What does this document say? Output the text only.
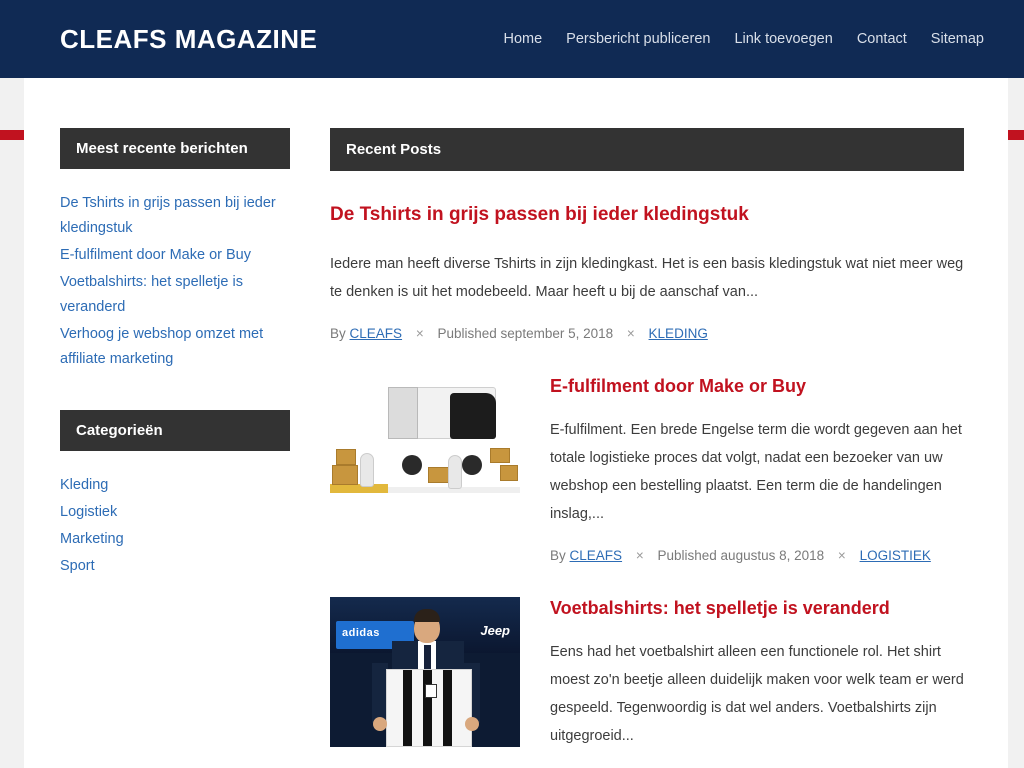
CLEAFS MAGAZINE	Home Persbericht publiceren Link toevoegen Contact Sitemap
Meest recente berichten
De Tshirts in grijs passen bij ieder kledingstuk
E-fulfilment door Make or Buy
Voetbalshirts: het spelletje is veranderd
Verhoog je webshop omzet met affiliate marketing
Categorieën
Kleding
Logistiek
Marketing
Sport
Recent Posts
De Tshirts in grijs passen bij ieder kledingstuk

Iedere man heeft diverse Tshirts in zijn kledingkast. Het is een basis kledingstuk wat niet meer weg te denken is uit het modebeeld. Maar heeft u bij de aanschaf van...

By CLEAFS × Published september 5, 2018 × KLEDING
E-fulfilment door Make or Buy

E-fulfilment. Een brede Engelse term die wordt gegeven aan het totale logistieke proces dat volgt, nadat een bezoeker van uw webshop een bestelling plaatst. Een term die de handelingen inslag,...

By CLEAFS × Published augustus 8, 2018 × LOGISTIEK
adidas	Jeep
Voetbalshirts: het spelletje is veranderd

Eens had het voetbalshirt alleen een functionele rol. Het shirt moest zo'n beetje alleen duidelijk maken voor welk team er werd gespeeld. Tegenwoordig is dat wel anders. Voetbalshirts zijn uitgegroeid...
